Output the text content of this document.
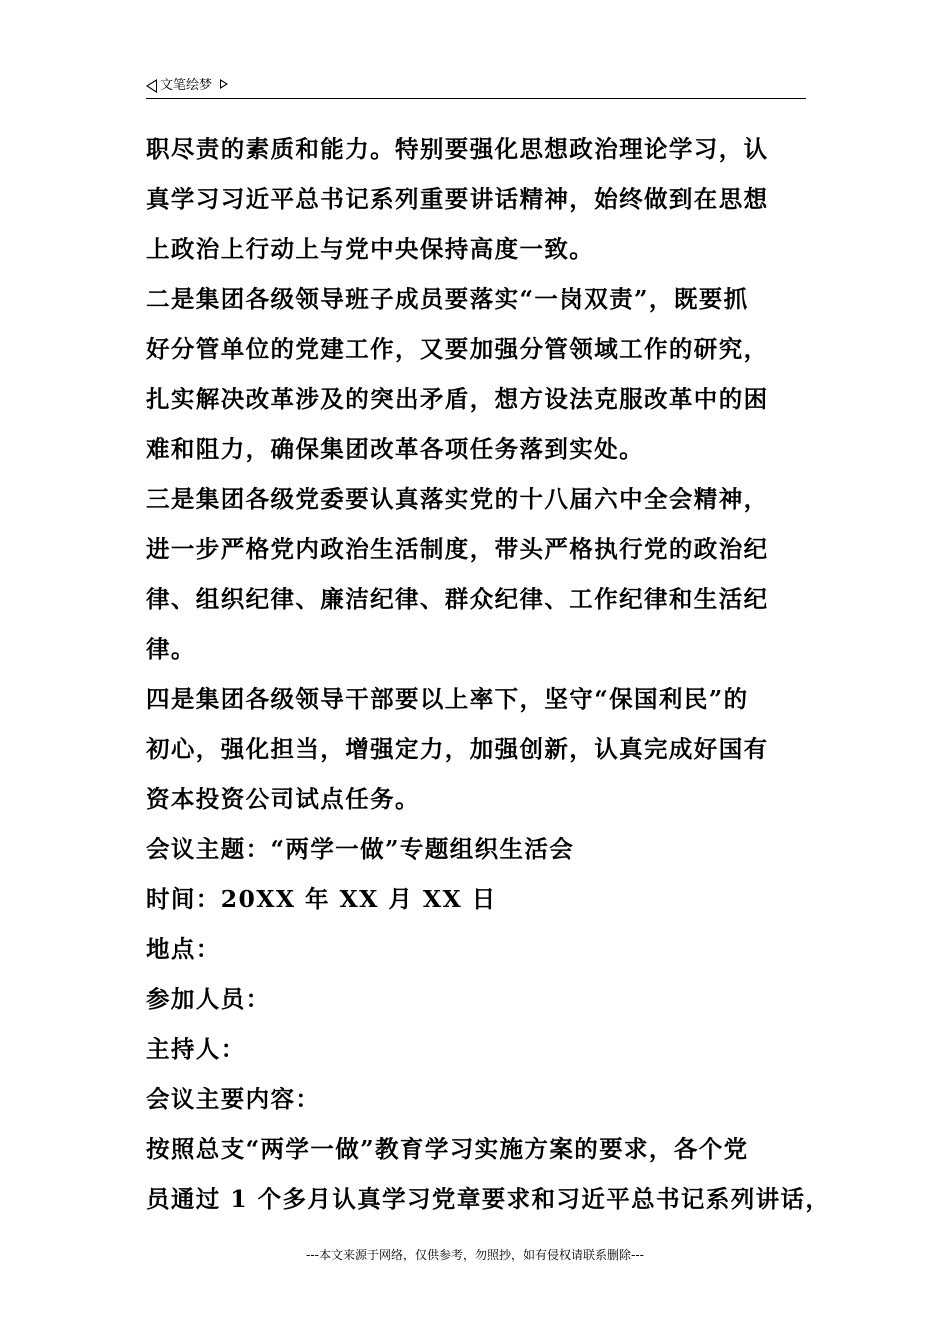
文笔绘梦

职尽责的素质和能力。特别要强化思想政治理论学习，认

真学习习近平总书记系列重要讲话精神，始终做到在思想

上政治上行动上与党中央保持高度一致。

二是集团各级领导班子成员要落实“一岗双责”，既要抓

好分管单位的党建工作，又要加强分管领域工作的研究，

扎实解决改革涉及的突出矛盾，想方设法克服改革中的困

难和阻力，确保集团改革各项任务落到实处。

三是集团各级党委要认真落实党的十八届六中全会精神，

进一步严格党内政治生活制度，带头严格执行党的政治纪

律、组织纪律、廉洁纪律、群众纪律、工作纪律和生活纪

律。

四是集团各级领导干部要以上率下，坚守“保国利民”的

初心，强化担当，增强定力，加强创新，认真完成好国有

资本投资公司试点任务。

会议主题：“两学一做”专题组织生活会

时间：20XX 年 XX 月 XX 日

地点：

参加人员：

主持人：

会议主要内容：

按照总支“两学一做”教育学习实施方案的要求，各个党

员通过 1 个多月认真学习党章要求和习近平总书记系列讲话，

---本文来源于网络，仅供参考，勿照抄，如有侵权请联系删除---
